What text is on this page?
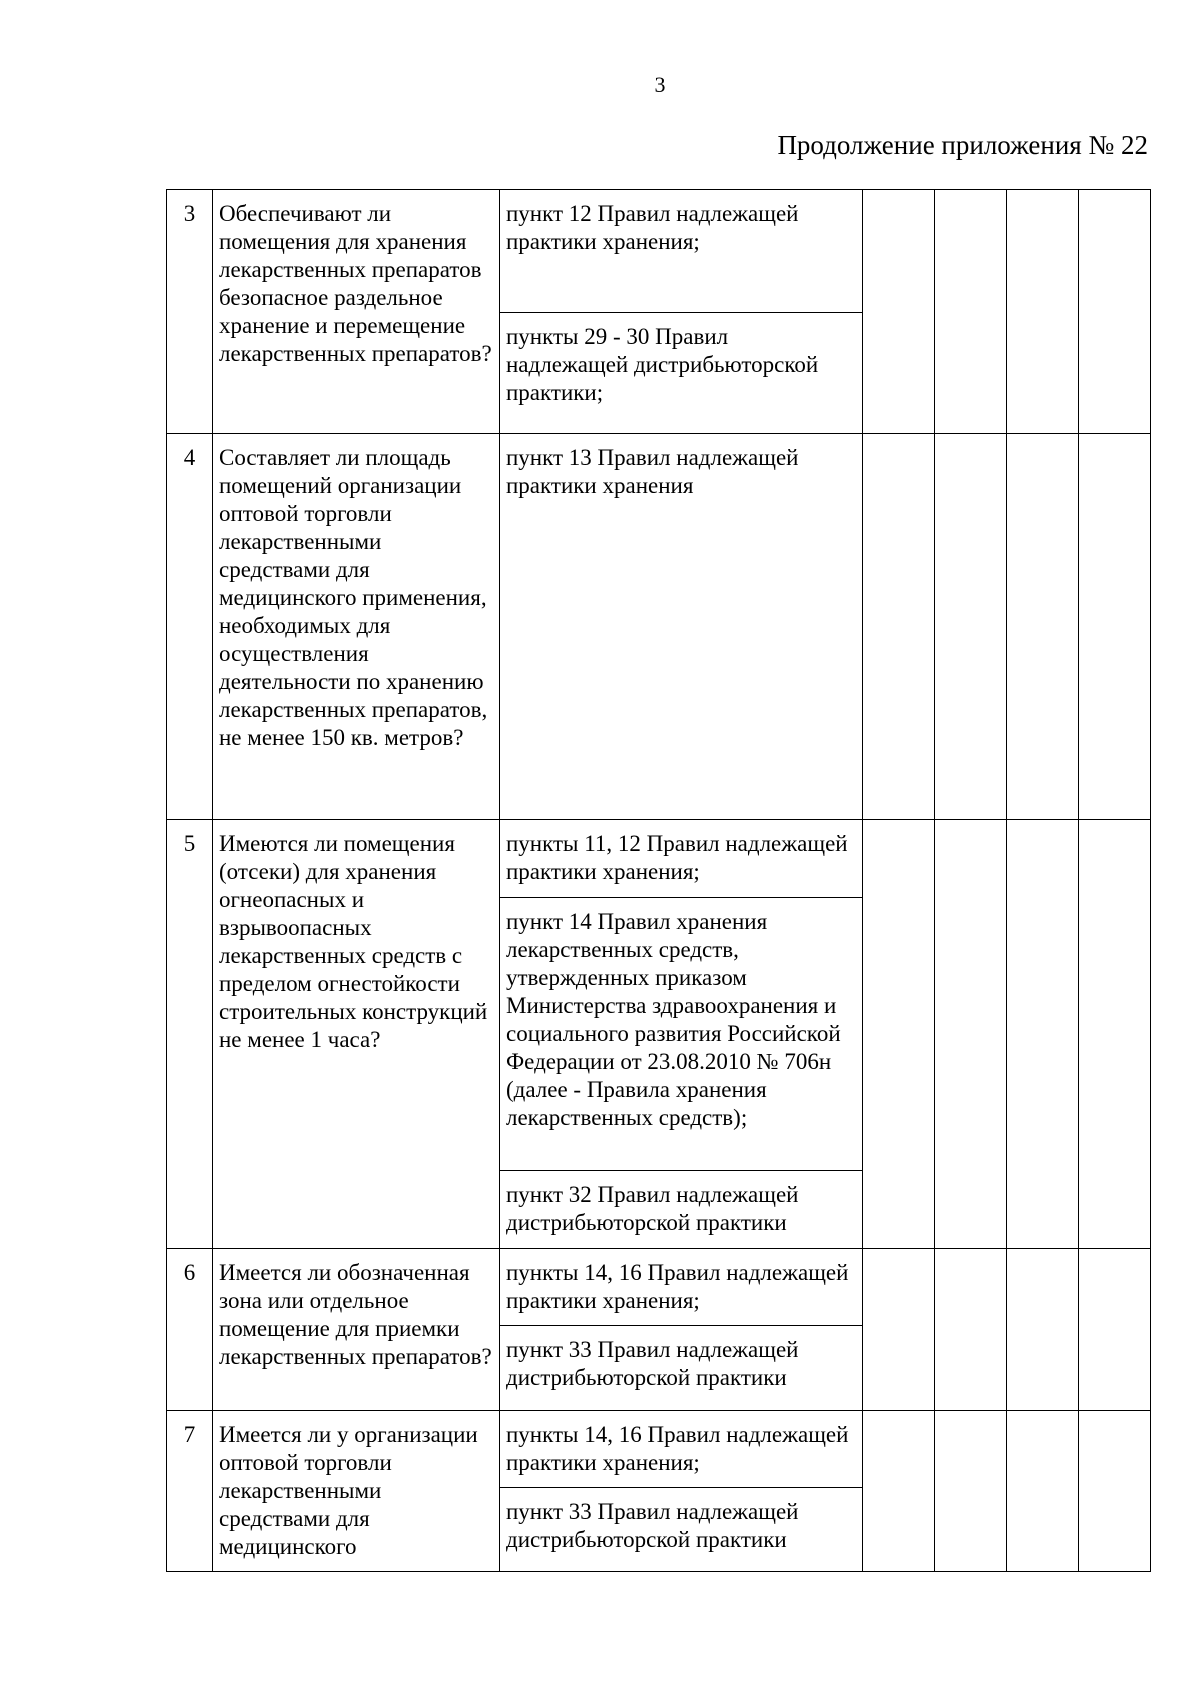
3
Продолжение приложения № 22
3	Обеспечивают ли помещения для хранения лекарственных препаратов безопасное раздельное хранение и перемещение лекарственных препаратов?	пункт 12 Правил надлежащей практики хранения;				
		пункты 29 - 30 Правил надлежащей дистрибьюторской практики;				
4	Составляет ли площадь помещений организации оптовой торговли лекарственными средствами для медицинского применения, необходимых для осуществления деятельности по хранению лекарственных препаратов, не менее 150 кв. метров?	пункт 13 Правил надлежащей практики хранения				
5	Имеются ли помещения (отсеки) для хранения огнеопасных и взрывоопасных лекарственных средств с пределом огнестойкости строительных конструкций не менее 1 часа?	пункты 11, 12 Правил надлежащей практики хранения;				
		пункт 14 Правил хранения лекарственных средств, утвержденных приказом Министерства здравоохранения и социального развития Российской Федерации от 23.08.2010 № 706н (далее - Правила хранения лекарственных средств);				
		пункт 32 Правил надлежащей дистрибьюторской практики				
6	Имеется ли обозначенная зона или отдельное помещение для приемки лекарственных препаратов?	пункты 14, 16 Правил надлежащей практики хранения;				
		пункт 33 Правил надлежащей дистрибьюторской практики				
7	Имеется ли у организации оптовой торговли лекарственными средствами для медицинского	пункты 14, 16 Правил надлежащей практики хранения;				
		пункт 33 Правил надлежащей дистрибьюторской практики				
